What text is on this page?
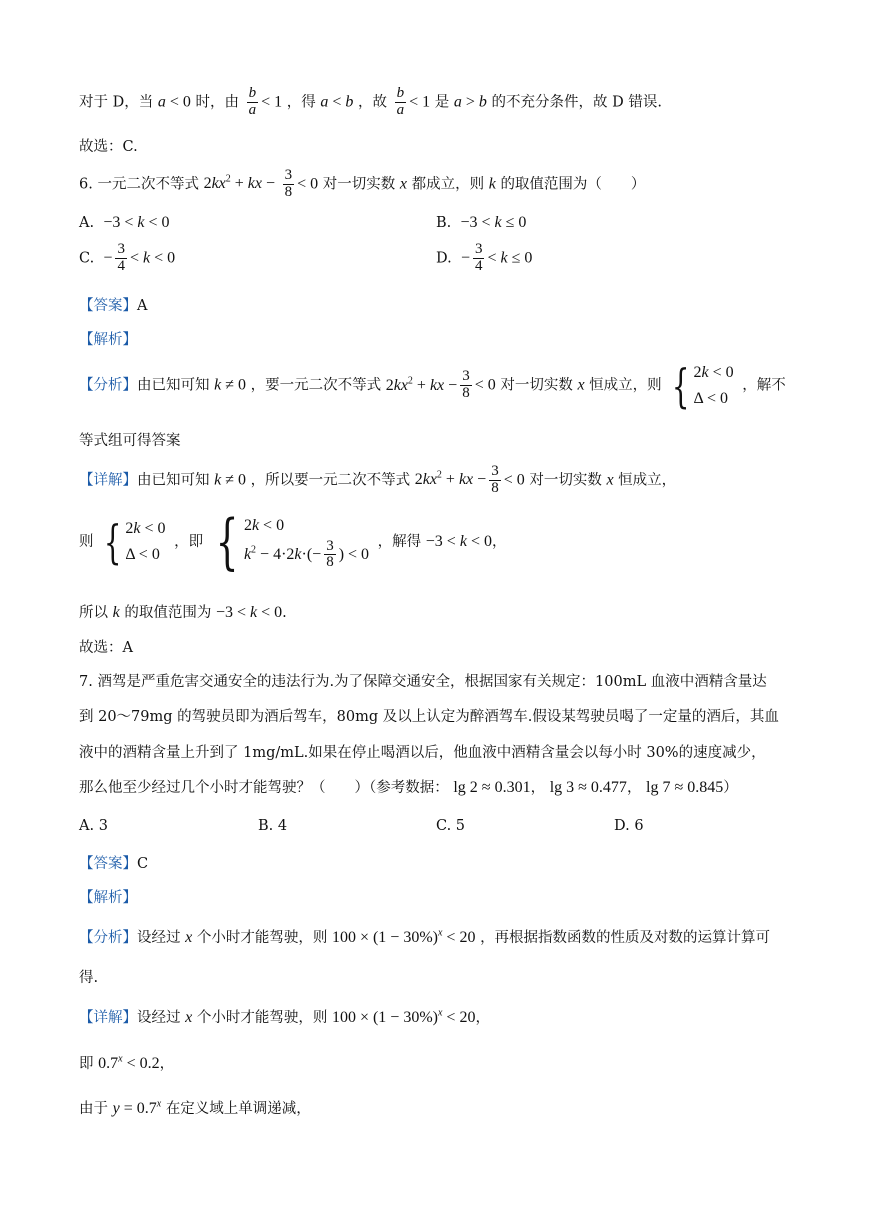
对于 D，当 a < 0 时，由 $\frac{b}{a} < 1$ ，得 a < b ，故 $\frac{b}{a} < 1$ 是 a > b 的不充分条件，故 D 错误.
故选：C.
6. 一元二次不等式 $2kx^2$ + kx − $\frac{3}{8} < 0$ 对一切实数 x 都成立，则 k 的取值范围为（　　）
A. −3 < k < 0	B. −3 < k ≤ 0
C. − $\frac{3}{4} < k < 0$	D. − $\frac{3}{4} < k \le 0$
【答案】A
【解析】
【分析】由已知可知 k ≠ 0 ，要一元二次不等式 $2kx^2$ + kx − $\frac{3}{8} < 0$ 对一切实数 x 恒成立，则 { 2k < 0
Δ < 0
，解不
等式组可得答案
【详解】由已知可知 k ≠ 0 ，所以要一元二次不等式 $2kx^2$ + kx − $\frac{3}{8} < 0$ 对一切实数 x 恒成立，
则 { 2k < 0
Δ < 0
，即 { 2k < 0
$k^2 - 4\cdot 2k\cdot(- \frac{3}{8}$ ) < 0
，解得 −3 < k < 0，
所以 k 的取值范围为 −3 < k < 0.
故选：A
7. 酒驾是严重危害交通安全的违法行为.为了保障交通安全，根据国家有关规定：100mL 血液中酒精含量达
到 20～79mg 的驾驶员即为酒后驾车，80mg 及以上认定为醉酒驾车.假设某驾驶员喝了一定量的酒后，其血
液中的酒精含量上升到了 1mg/mL.如果在停止喝酒以后，他血液中酒精含量会以每小时 30%的速度减少，
那么他至少经过几个小时才能驾驶？（　　）（参考数据： lg 2 ≈ 0.301， lg 3 ≈ 0.477， lg 7 ≈ 0.845）
A. 3	B. 4	C. 5	D. 6
【答案】C
【解析】
【分析】设经过 x 个小时才能驾驶，则 $100 \times (1 - 30\%)^x < 20$ ，再根据指数函数的性质及对数的运算计算可
得.
【详解】设经过 x 个小时才能驾驶，则 $100 \times (1 - 30\%)^x < 20$，
即 $0.7^x < 0.2$，
由于 $y = 0.7^x$ 在定义域上单调递减，
